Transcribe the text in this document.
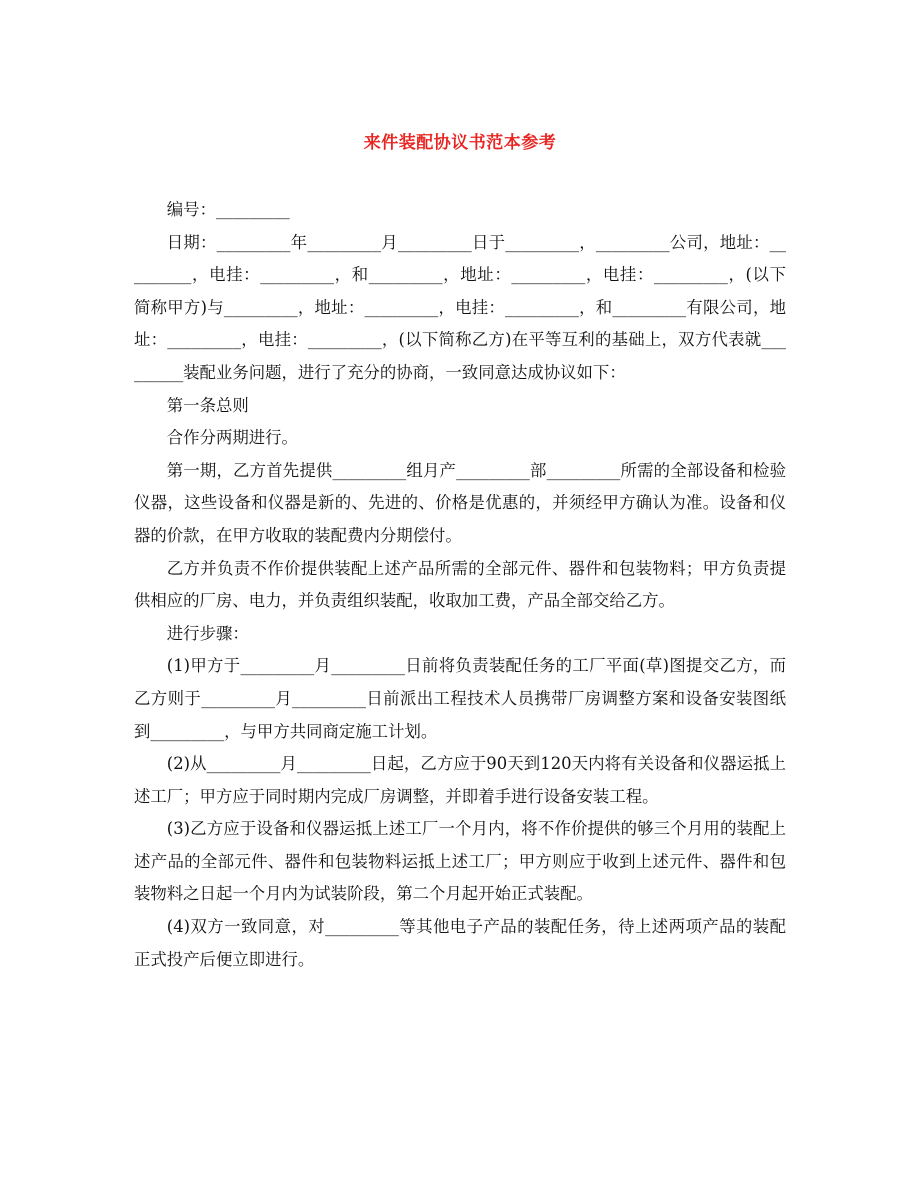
来件装配协议书范本参考

编号：_________

日期：_________年_________月_________日于_________，_________公司，地址：_________，电挂：_________，和_________，地址：_________，电挂：_________，(以下简称甲方)与_________，地址：_________，电挂：_________，和_________有限公司，地址：_________，电挂：_________，(以下简称乙方)在平等互利的基础上，双方代表就_________装配业务问题，进行了充分的协商，一致同意达成协议如下：

第一条总则

合作分两期进行。

第一期，乙方首先提供_________组月产_________部_________所需的全部设备和检验仪器，这些设备和仪器是新的、先进的、价格是优惠的，并须经甲方确认为准。设备和仪器的价款，在甲方收取的装配费内分期偿付。

乙方并负责不作价提供装配上述产品所需的全部元件、器件和包装物料；甲方负责提供相应的厂房、电力，并负责组织装配，收取加工费，产品全部交给乙方。

进行步骤：

(1)甲方于_________月_________日前将负责装配任务的工厂平面(草)图提交乙方，而乙方则于_________月_________日前派出工程技术人员携带厂房调整方案和设备安装图纸到_________，与甲方共同商定施工计划。

(2)从_________月_________日起，乙方应于90天到120天内将有关设备和仪器运抵上述工厂；甲方应于同时期内完成厂房调整，并即着手进行设备安装工程。

(3)乙方应于设备和仪器运抵上述工厂一个月内，将不作价提供的够三个月用的装配上述产品的全部元件、器件和包装物料运抵上述工厂；甲方则应于收到上述元件、器件和包装物料之日起一个月内为试装阶段，第二个月起开始正式装配。

(4)双方一致同意，对_________等其他电子产品的装配任务，待上述两项产品的装配正式投产后便立即进行。
